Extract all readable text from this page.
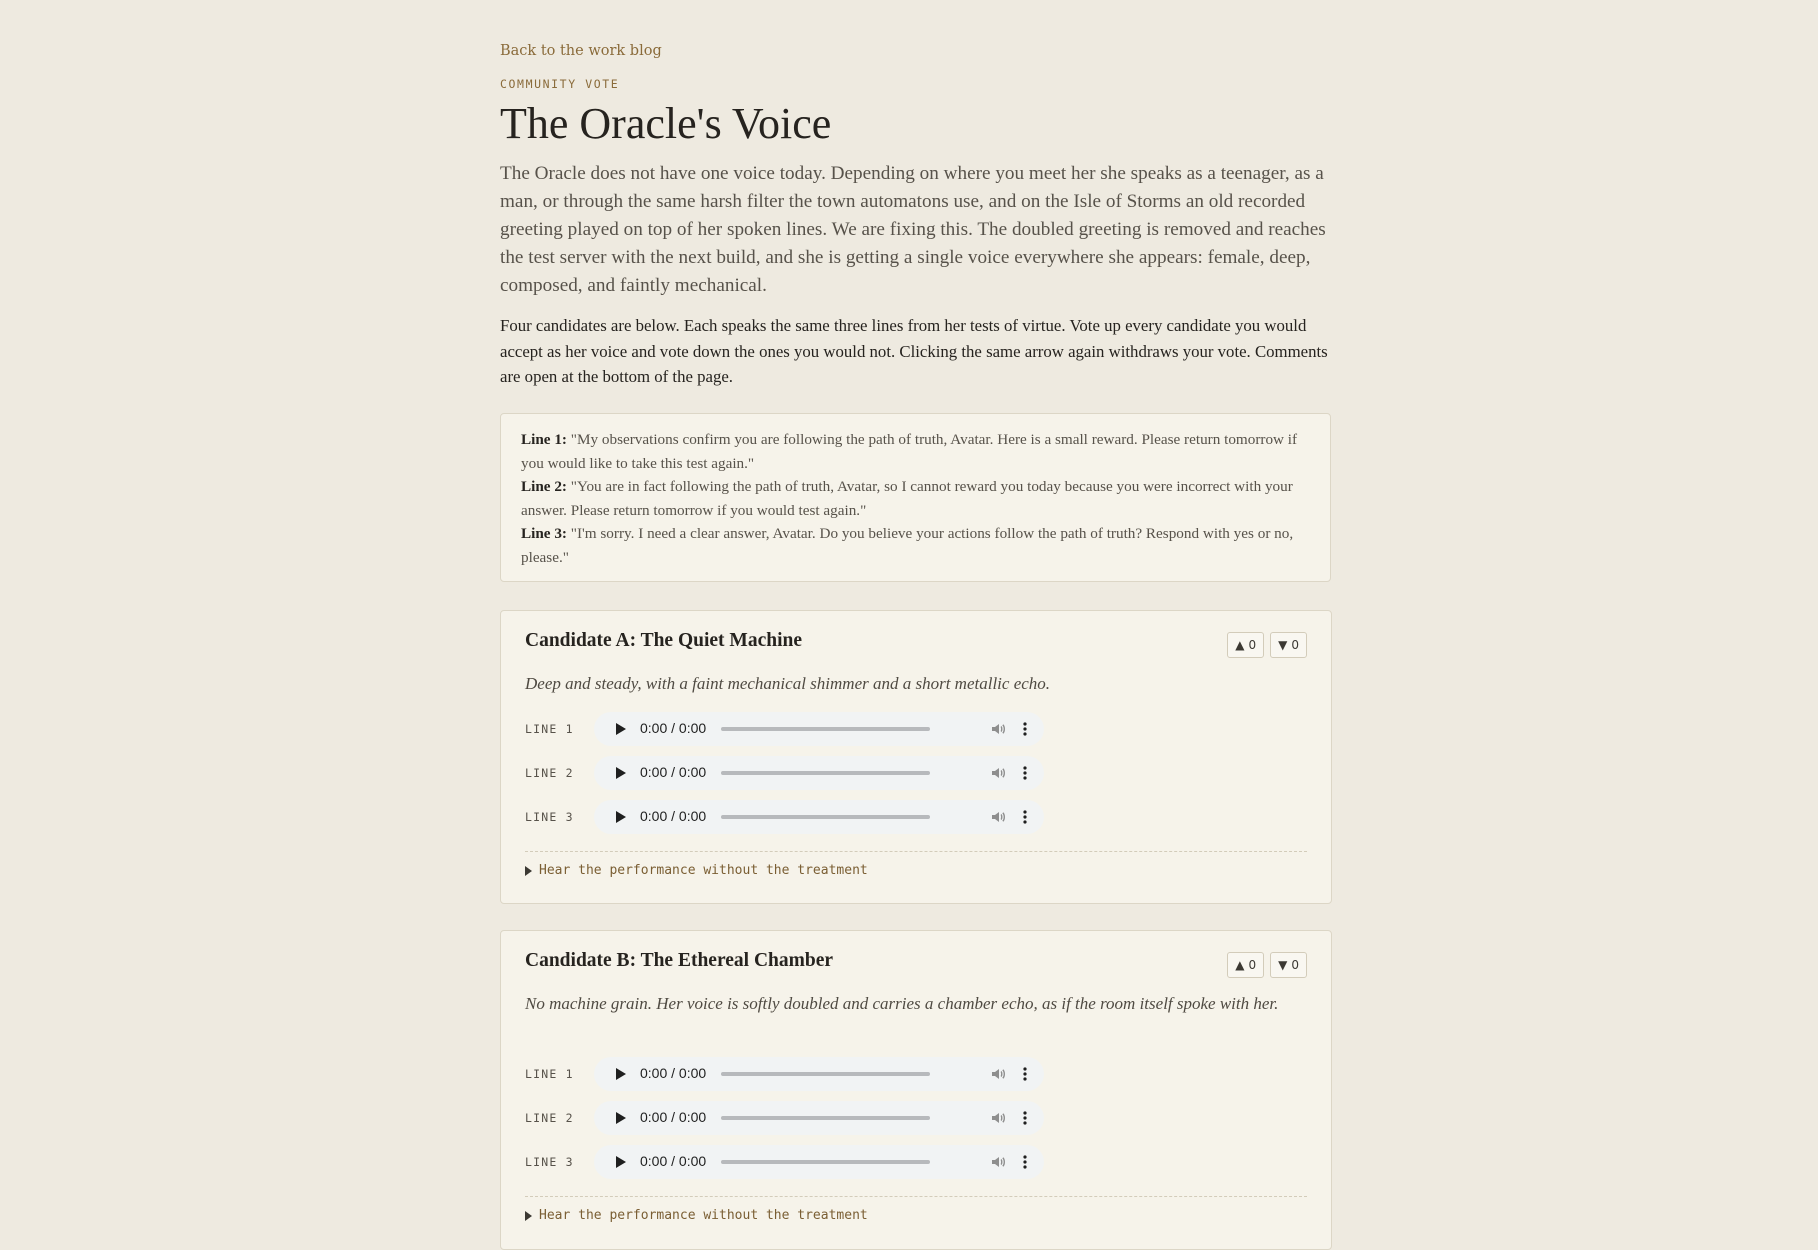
Back to the work blog
COMMUNITY VOTE
The Oracle's Voice

The Oracle does not have one voice today. Depending on where you meet her she speaks as a teenager, as a man, or through the same harsh filter the town automatons use, and on the Isle of Storms an old recorded greeting played on top of her spoken lines. We are fixing this. The doubled greeting is removed and reaches the test server with the next build, and she is getting a single voice everywhere she appears: female, deep, composed, and faintly mechanical.

Four candidates are below. Each speaks the same three lines from her tests of virtue. Vote up every candidate you would accept as her voice and vote down the ones you would not. Clicking the same arrow again withdraws your vote. Comments are open at the bottom of the page.

Line 1: "My observations confirm you are following the path of truth, Avatar. Here is a small reward. Please return tomorrow if you would like to take this test again."

Line 2: "You are in fact following the path of truth, Avatar, so I cannot reward you today because you were incorrect with your answer. Please return tomorrow if you would test again."

Line 3: "I'm sorry. I need a clear answer, Avatar. Do you believe your actions follow the path of truth? Respond with yes or no, please."

Candidate A: The Quiet Machine	▲ 0 ▼ 0

Deep and steady, with a faint mechanical shimmer and a short metallic echo.

LINE 1	0:00 / 0:00
LINE 2	0:00 / 0:00
LINE 3	0:00 / 0:00
Hear the performance without the treatment
Candidate B: The Ethereal Chamber	▲ 0 ▼ 0

No machine grain. Her voice is softly doubled and carries a chamber echo, as if the room itself spoke with her.

LINE 1	0:00 / 0:00
LINE 2	0:00 / 0:00
LINE 3	0:00 / 0:00
Hear the performance without the treatment
